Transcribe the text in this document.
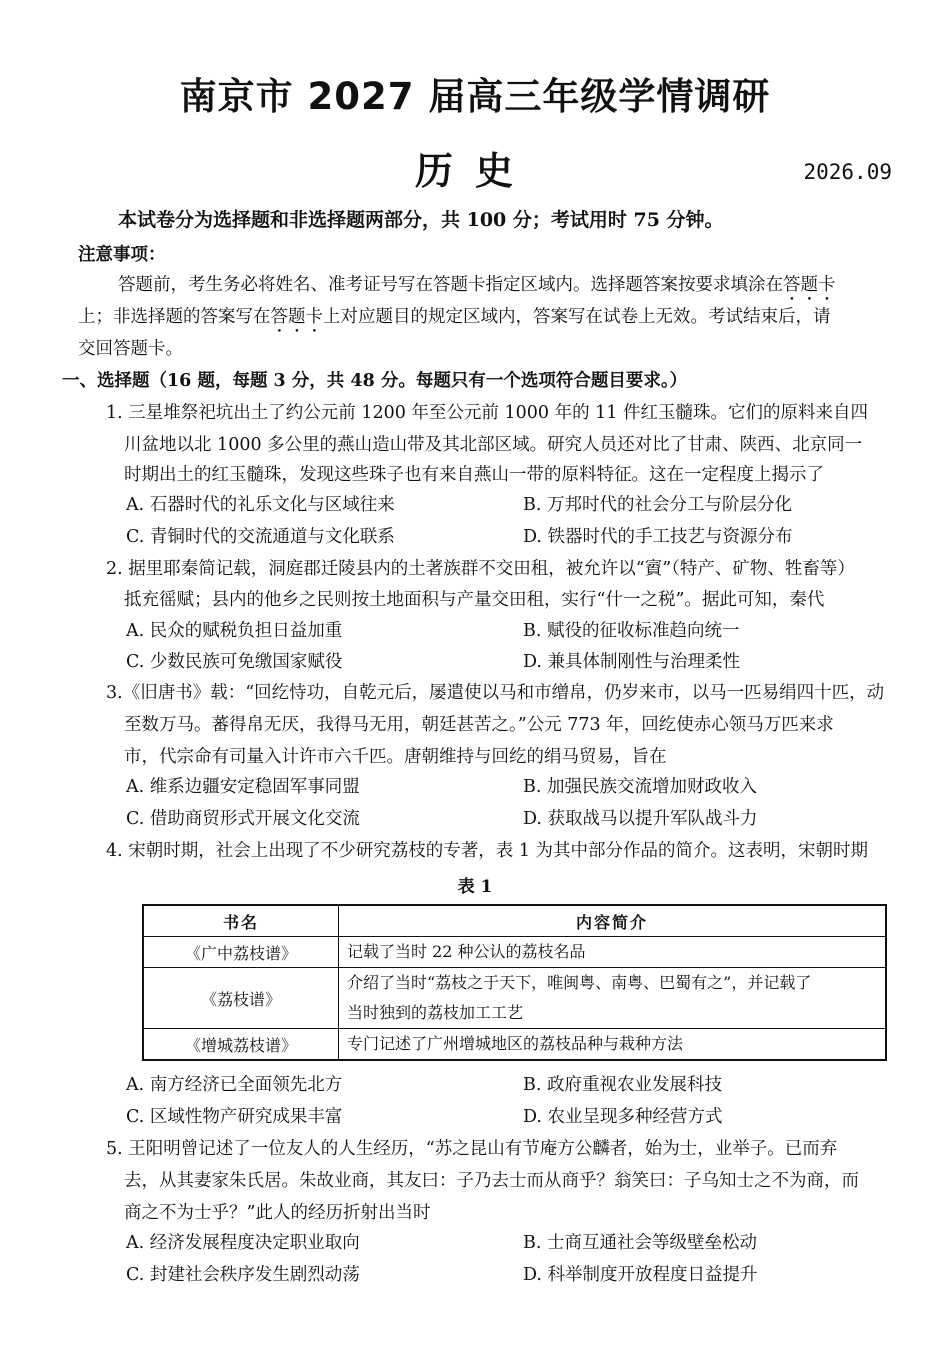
南京市 2027 届高三年级学情调研
历史	2026.09
本试卷分为选择题和非选择题两部分，共 100 分；考试用时 75 分钟。
注意事项：
答题前，考生务必将姓名、准考证号写在答题卡指定区域内。选择题答案按要求填涂在答题卡
上；非选择题的答案写在答题卡上对应题目的规定区域内，答案写在试卷上无效。考试结束后，请
交回答题卡。
一、选择题（16 题，每题 3 分，共 48 分。每题只有一个选项符合题目要求。）
1. 三星堆祭祀坑出土了约公元前 1200 年至公元前 1000 年的 11 件红玉髓珠。它们的原料来自四
川盆地以北 1000 多公里的燕山造山带及其北部区域。研究人员还对比了甘肃、陕西、北京同一
时期出土的红玉髓珠，发现这些珠子也有来自燕山一带的原料特征。这在一定程度上揭示了
A. 石器时代的礼乐文化与区域往来	B. 万邦时代的社会分工与阶层分化
C. 青铜时代的交流通道与文化联系	D. 铁器时代的手工技艺与资源分布
2. 据里耶秦简记载，洞庭郡迁陵县内的土著族群不交田租，被允许以“賨”（特产、矿物、牲畜等）
抵充徭赋；县内的他乡之民则按土地面积与产量交田租，实行“什一之税”。据此可知，秦代
A. 民众的赋税负担日益加重	B. 赋役的征收标准趋向统一
C. 少数民族可免缴国家赋役	D. 兼具体制刚性与治理柔性
3.《旧唐书》载：“回纥恃功，自乾元后，屡遣使以马和市缯帛，仍岁来市，以马一匹易绢四十匹，动
至数万马。蕃得帛无厌，我得马无用，朝廷甚苦之。”公元 773 年，回纥使赤心领马万匹来求
市，代宗命有司量入计许市六千匹。唐朝维持与回纥的绢马贸易，旨在
A. 维系边疆安定稳固军事同盟	B. 加强民族交流增加财政收入
C. 借助商贸形式开展文化交流	D. 获取战马以提升军队战斗力
4. 宋朝时期，社会上出现了不少研究荔枝的专著，表 1 为其中部分作品的简介。这表明，宋朝时期
表 1
书名	内容简介
《广中荔枝谱》	记载了当时 22 种公认的荔枝名品

《荔枝谱》	介绍了当时“荔枝之于天下，唯闽粤、南粤、巴蜀有之”，并记载了
当时独到的荔枝加工工艺

《增城荔枝谱》	专门记述了广州增城地区的荔枝品种与栽种方法
A. 南方经济已全面领先北方	B. 政府重视农业发展科技
C. 区域性物产研究成果丰富	D. 农业呈现多种经营方式
5. 王阳明曾记述了一位友人的人生经历，“苏之昆山有节庵方公麟者，始为士，业举子。已而弃
去，从其妻家朱氏居。朱故业商，其友曰：子乃去士而从商乎？翁笑曰：子乌知士之不为商，而
商之不为士乎？”此人的经历折射出当时
A. 经济发展程度决定职业取向	B. 士商互通社会等级壁垒松动
C. 封建社会秩序发生剧烈动荡	D. 科举制度开放程度日益提升
